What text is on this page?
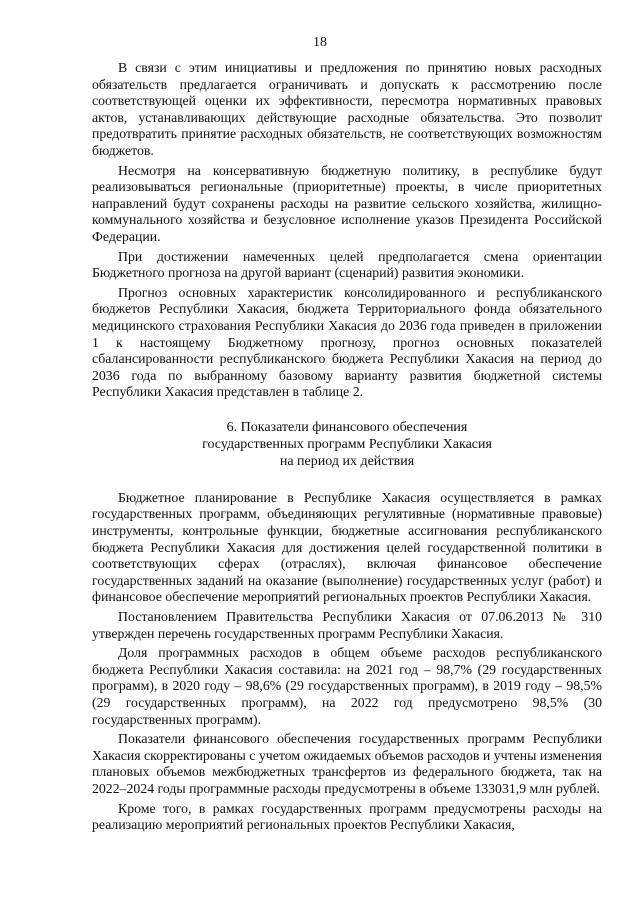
18

В связи с этим инициативы и предложения по принятию новых расходных обязательств предлагается ограничивать и допускать к рассмотрению после соответствующей оценки их эффективности, пересмотра нормативных правовых актов, устанавливающих действующие расходные обязательства. Это позволит предотвратить принятие расходных обязательств, не соответствующих возможностям бюджетов.

Несмотря на консервативную бюджетную политику, в республике будут реализовываться региональные (приоритетные) проекты, в числе приоритетных направлений будут сохранены расходы на развитие сельского хозяйства, жилищно-коммунального хозяйства и безусловное исполнение указов Президента Российской Федерации.

При достижении намеченных целей предполагается смена ориентации Бюджетного прогноза на другой вариант (сценарий) развития экономики.

Прогноз основных характеристик консолидированного и республиканского бюджетов Республики Хакасия, бюджета Территориального фонда обязательного медицинского страхования Республики Хакасия до 2036 года приведен в приложении 1 к настоящему Бюджетному прогнозу, прогноз основных показателей сбалансированности республиканского бюджета Республики Хакасия на период до 2036 года по выбранному базовому варианту развития бюджетной системы Республики Хакасия представлен в таблице 2.

6. Показатели финансового обеспечения
государственных программ Республики Хакасия
на период их действия

Бюджетное планирование в Республике Хакасия осуществляется в рамках государственных программ, объединяющих регулятивные (нормативные правовые) инструменты, контрольные функции, бюджетные ассигнования республиканского бюджета Республики Хакасия для достижения целей государственной политики в соответствующих сферах (отраслях), включая финансовое обеспечение государственных заданий на оказание (выполнение) государственных услуг (работ) и финансовое обеспечение мероприятий региональных проектов Республики Хакасия.

Постановлением Правительства Республики Хакасия от 07.06.2013 № 310 утвержден перечень государственных программ Республики Хакасия.

Доля программных расходов в общем объеме расходов республиканского бюджета Республики Хакасия составила: на 2021 год – 98,7% (29 государственных программ), в 2020 году – 98,6% (29 государственных программ), в 2019 году – 98,5% (29 государственных программ), на 2022 год предусмотрено 98,5% (30 государственных программ).

Показатели финансового обеспечения государственных программ Республики Хакасия скорректированы с учетом ожидаемых объемов расходов и учтены изменения плановых объемов межбюджетных трансфертов из федерального бюджета, так на 2022–2024 годы программные расходы предусмотрены в объеме 133031,9 млн рублей.

Кроме того, в рамках государственных программ предусмотрены расходы на реализацию мероприятий региональных проектов Республики Хакасия,
